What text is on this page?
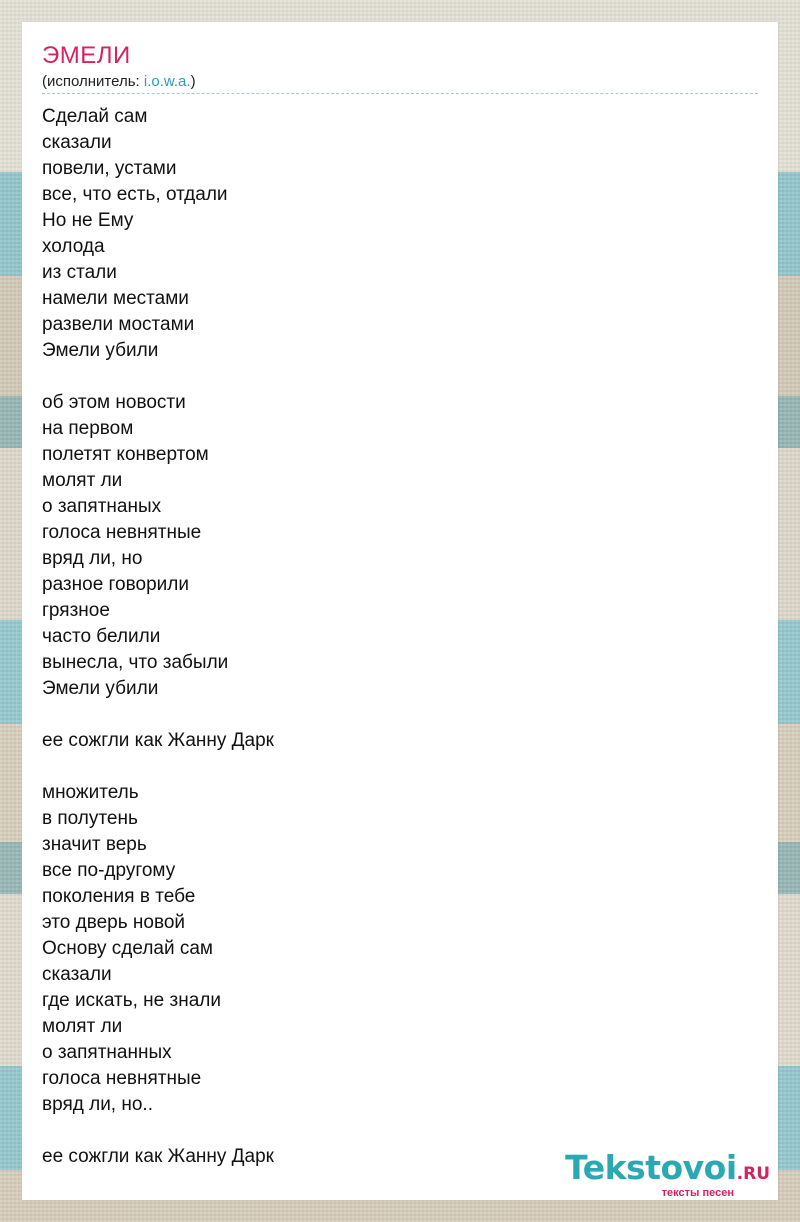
ЭМЕЛИ
(исполнитель: i.o.w.a.)
Сделай сам
сказали
повели, устами
все, что есть, отдали
Но не Ему
холода
из стали
намели местами
развели мостами
Эмели убили
об этом новости
на первом
полетят конвертом
молят ли
о запятнаных
голоса невнятные
вряд ли, но
разное говорили
грязное
часто белили
вынесла, что забыли
Эмели убили
ее сожгли как Жанну Дарк
множитель
в полутень
значит верь
все по-другому
поколения в тебе
это дверь новой
Основу сделай сам
сказали
где искать, не знали
молят ли
о запятнанных
голоса невнятные
вряд ли, но..
ее сожгли как Жанну Дарк	Tekstovoi.RU
тексты песен
